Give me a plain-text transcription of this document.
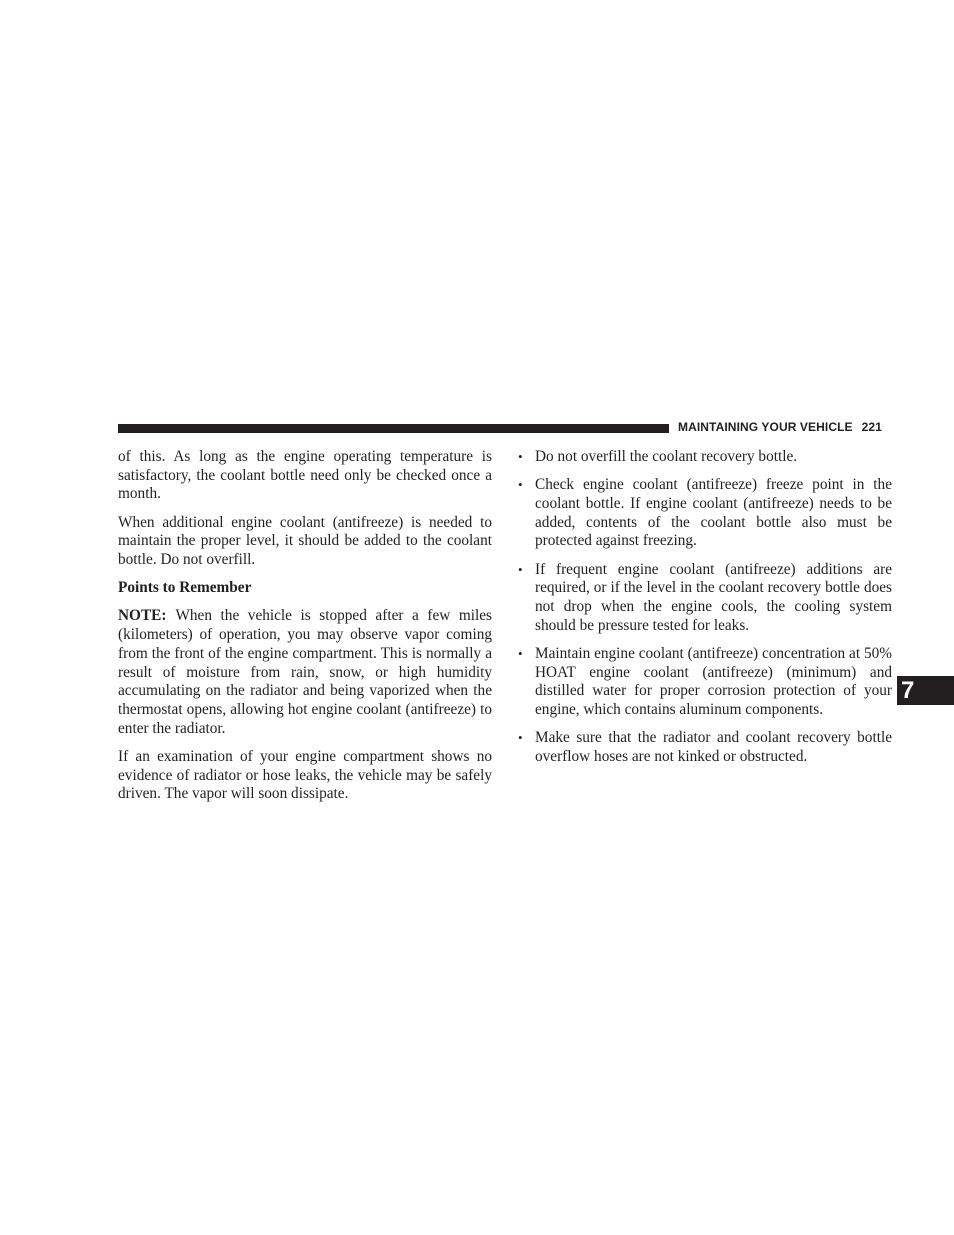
MAINTAINING YOUR VEHICLE 221

of this. As long as the engine operating temperature is satisfactory, the coolant bottle need only be checked once a month.

When additional engine coolant (antifreeze) is needed to maintain the proper level, it should be added to the coolant bottle. Do not overfill.

Points to Remember

NOTE: When the vehicle is stopped after a few miles (kilometers) of operation, you may observe vapor coming from the front of the engine compartment. This is normally a result of moisture from rain, snow, or high humidity accumulating on the radiator and being vaporized when the thermostat opens, allowing hot engine coolant (antifreeze) to enter the radiator.

If an examination of your engine compartment shows no evidence of radiator or hose leaks, the vehicle may be safely driven. The vapor will soon dissipate.

• Do not overfill the coolant recovery bottle.
• Check engine coolant (antifreeze) freeze point in the coolant bottle. If engine coolant (antifreeze) needs to be added, contents of the coolant bottle also must be protected against freezing.
• If frequent engine coolant (antifreeze) additions are required, or if the level in the coolant recovery bottle does not drop when the engine cools, the cooling system should be pressure tested for leaks.
• Maintain engine coolant (antifreeze) concentration at 50% HOAT engine coolant (antifreeze) (minimum) and distilled water for proper corrosion protection of your engine, which contains aluminum components.
• Make sure that the radiator and coolant recovery bottle overflow hoses are not kinked or obstructed.
7
